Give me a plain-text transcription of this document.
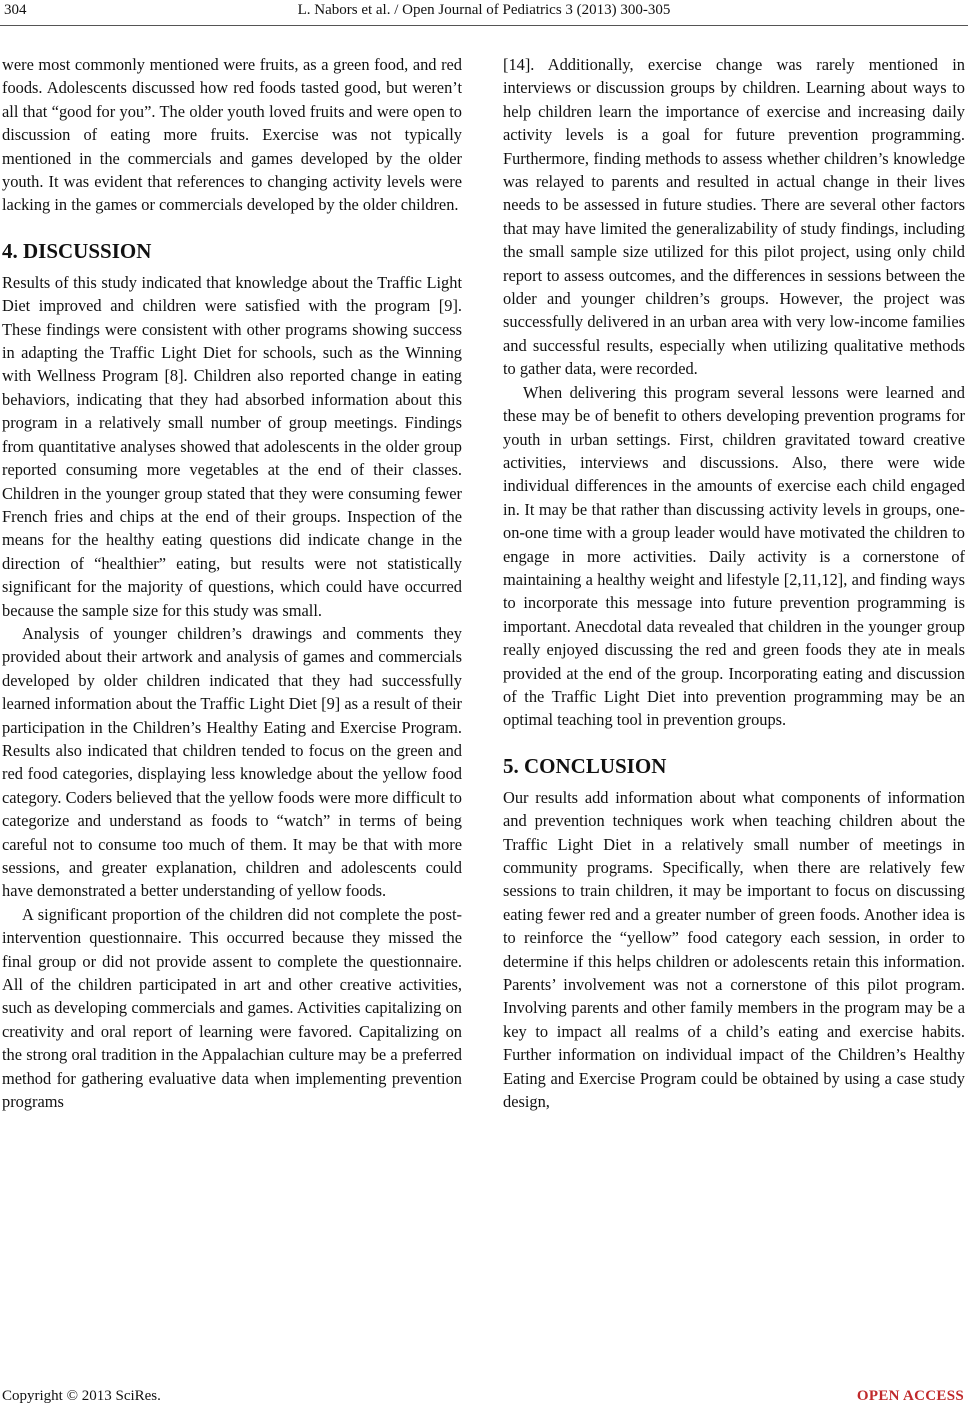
304	L. Nabors et al. / Open Journal of Pediatrics 3 (2013) 300-305

were most commonly mentioned were fruits, as a green food, and red foods. Adolescents discussed how red foods tasted good, but weren’t all that “good for you”. The older youth loved fruits and were open to discussion of eating more fruits. Exercise was not typically mentioned in the commercials and games developed by the older youth. It was evident that references to changing activity levels were lacking in the games or commercials developed by the older children.

4. DISCUSSION

Results of this study indicated that knowledge about the Traffic Light Diet improved and children were satisfied with the program [9]. These findings were consistent with other programs showing success in adapting the Traffic Light Diet for schools, such as the Winning with Wellness Program [8]. Children also reported change in eating behaviors, indicating that they had absorbed information about this program in a relatively small number of group meetings. Findings from quantitative analyses showed that adolescents in the older group reported consuming more vegetables at the end of their classes. Children in the younger group stated that they were consuming fewer French fries and chips at the end of their groups. Inspection of the means for the healthy eating questions did indicate change in the direction of “healthier” eating, but results were not statistically significant for the majority of questions, which could have occurred because the sample size for this study was small.

Analysis of younger children’s drawings and comments they provided about their artwork and analysis of games and commercials developed by older children indicated that they had successfully learned information about the Traffic Light Diet [9] as a result of their participation in the Children’s Healthy Eating and Exercise Program. Results also indicated that children tended to focus on the green and red food categories, displaying less knowledge about the yellow food category. Coders believed that the yellow foods were more difficult to categorize and understand as foods to “watch” in terms of being careful not to consume too much of them. It may be that with more sessions, and greater explanation, children and adolescents could have demonstrated a better understanding of yellow foods.

A significant proportion of the children did not complete the post-intervention questionnaire. This occurred because they missed the final group or did not provide assent to complete the questionnaire. All of the children participated in art and other creative activities, such as developing commercials and games. Activities capitalizing on creativity and oral report of learning were favored. Capitalizing on the strong oral tradition in the Appalachian culture may be a preferred method for gathering evaluative data when implementing prevention programs

[14]. Additionally, exercise change was rarely mentioned in interviews or discussion groups by children. Learning about ways to help children learn the importance of exercise and increasing daily activity levels is a goal for future prevention programming. Furthermore, finding methods to assess whether children’s knowledge was relayed to parents and resulted in actual change in their lives needs to be assessed in future studies. There are several other factors that may have limited the generalizability of study findings, including the small sample size utilized for this pilot project, using only child report to assess outcomes, and the differences in sessions between the older and younger children’s groups. However, the project was successfully delivered in an urban area with very low-income families and successful results, especially when utilizing qualitative methods to gather data, were recorded.

When delivering this program several lessons were learned and these may be of benefit to others developing prevention programs for youth in urban settings. First, children gravitated toward creative activities, interviews and discussions. Also, there were wide individual differences in the amounts of exercise each child engaged in. It may be that rather than discussing activity levels in groups, one-on-one time with a group leader would have motivated the children to engage in more activities. Daily activity is a cornerstone of maintaining a healthy weight and lifestyle [2,11,12], and finding ways to incorporate this message into future prevention programming is important. Anecdotal data revealed that children in the younger group really enjoyed discussing the red and green foods they ate in meals provided at the end of the group. Incorporating eating and discussion of the Traffic Light Diet into prevention programming may be an optimal teaching tool in prevention groups.

5. CONCLUSION

Our results add information about what components of information and prevention techniques work when teaching children about the Traffic Light Diet in a relatively small number of meetings in community programs. Specifically, when there are relatively few sessions to train children, it may be important to focus on discussing eating fewer red and a greater number of green foods. Another idea is to reinforce the “yellow” food category each session, in order to determine if this helps children or adolescents retain this information. Parents’ involvement was not a cornerstone of this pilot program. Involving parents and other family members in the program may be a key to impact all realms of a child’s eating and exercise habits. Further information on individual impact of the Children’s Healthy Eating and Exercise Program could be obtained by using a case study design,

Copyright © 2013 SciRes.	OPEN ACCESS
